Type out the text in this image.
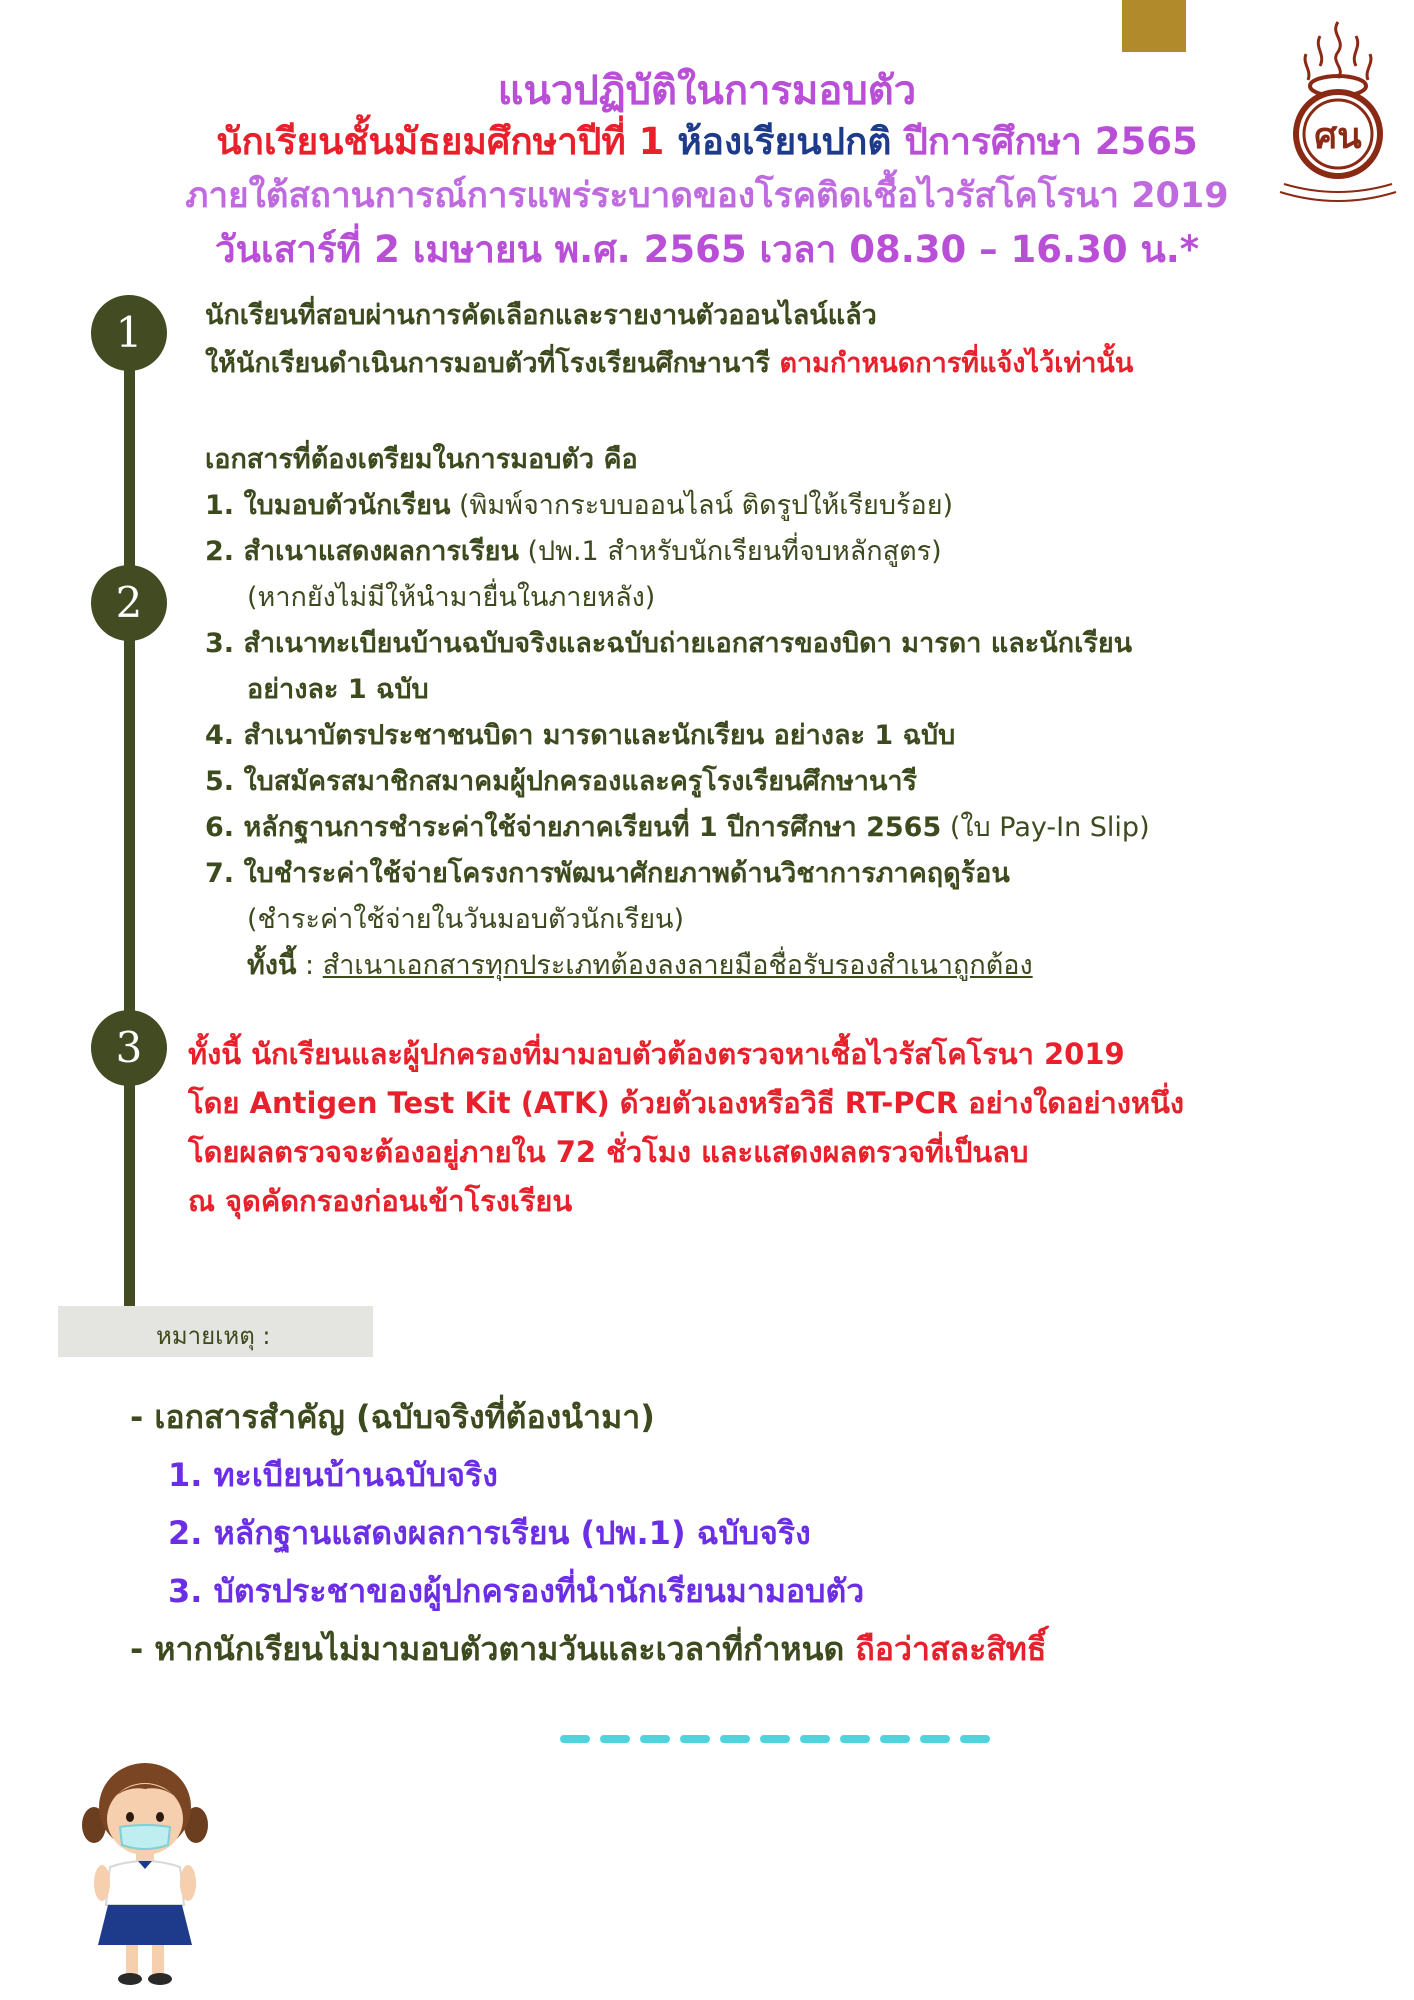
ศน
แนวปฏิบัติในการมอบตัว
นักเรียนชั้นมัธยมศึกษาปีที่ 1 ห้องเรียนปกติ ปีการศึกษา 2565
ภายใต้สถานการณ์การแพร่ระบาดของโรคติดเชื้อไวรัสโคโรนา 2019
วันเสาร์ที่ 2 เมษายน พ.ศ. 2565 เวลา 08.30 – 16.30 น.*
1
2
3
นักเรียนที่สอบผ่านการคัดเลือกและรายงานตัวออนไลน์แล้ว
ให้นักเรียนดำเนินการมอบตัวที่โรงเรียนศึกษานารี ตามกำหนดการที่แจ้งไว้เท่านั้น
เอกสารที่ต้องเตรียมในการมอบตัว คือ
1. ใบมอบตัวนักเรียน (พิมพ์จากระบบออนไลน์ ติดรูปให้เรียบร้อย)
2. สำเนาแสดงผลการเรียน (ปพ.1 สำหรับนักเรียนที่จบหลักสูตร)
(หากยังไม่มีให้นำมายื่นในภายหลัง)
3. สำเนาทะเบียนบ้านฉบับจริงและฉบับถ่ายเอกสารของบิดา มารดา และนักเรียน
อย่างละ 1 ฉบับ
4. สำเนาบัตรประชาชนบิดา มารดาและนักเรียน อย่างละ 1 ฉบับ
5. ใบสมัครสมาชิกสมาคมผู้ปกครองและครูโรงเรียนศึกษานารี
6. หลักฐานการชำระค่าใช้จ่ายภาคเรียนที่ 1 ปีการศึกษา 2565 (ใบ Pay-In Slip)
7. ใบชำระค่าใช้จ่ายโครงการพัฒนาศักยภาพด้านวิชาการภาคฤดูร้อน
(ชำระค่าใช้จ่ายในวันมอบตัวนักเรียน)
ทั้งนี้ : สำเนาเอกสารทุกประเภทต้องลงลายมือชื่อรับรองสำเนาถูกต้อง
ทั้งนี้ นักเรียนและผู้ปกครองที่มามอบตัวต้องตรวจหาเชื้อไวรัสโคโรนา 2019
โดย Antigen Test Kit (ATK) ด้วยตัวเองหรือวิธี RT-PCR อย่างใดอย่างหนึ่ง
โดยผลตรวจจะต้องอยู่ภายใน 72 ชั่วโมง และแสดงผลตรวจที่เป็นลบ
ณ จุดคัดกรองก่อนเข้าโรงเรียน
หมายเหตุ :
- เอกสารสำคัญ (ฉบับจริงที่ต้องนำมา)
1. ทะเบียนบ้านฉบับจริง
2. หลักฐานแสดงผลการเรียน (ปพ.1) ฉบับจริง
3. บัตรประชาของผู้ปกครองที่นำนักเรียนมามอบตัว
- หากนักเรียนไม่มามอบตัวตามวันและเวลาที่กำหนด ถือว่าสละสิทธิ์
